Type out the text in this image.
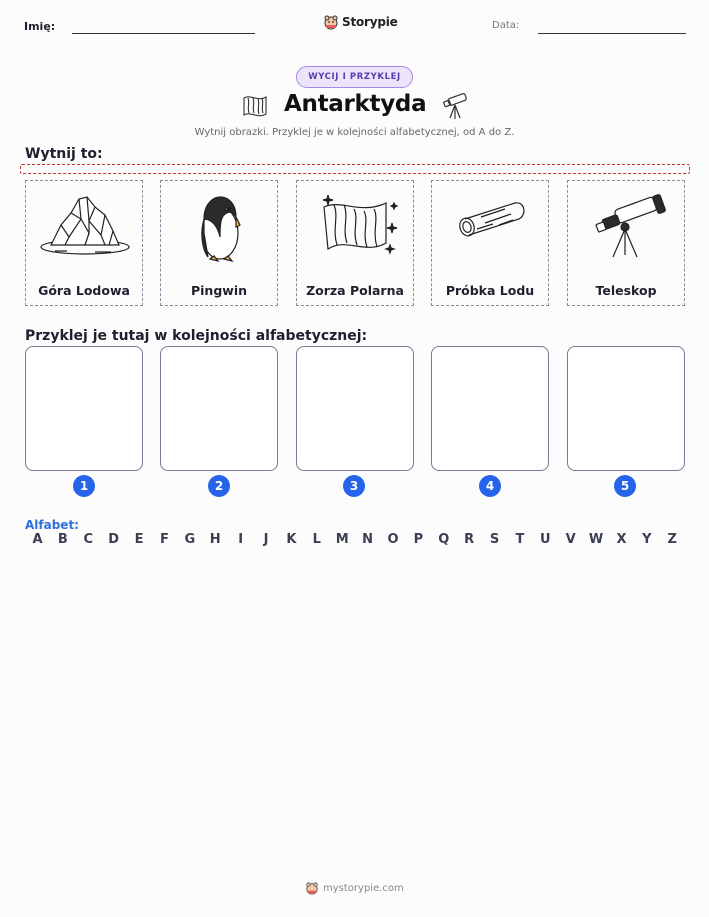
Imię:	Storypie	Data:
WYCIJ I PRZYKLEJ
Antarktyda
Wytnij obrazki. Przyklej je w kolejności alfabetycznej, od A do Z.
Wytnij to:
Góra Lodowa	Pingwin	Zorza Polarna	Próbka Lodu	Teleskop
Przyklej je tutaj w kolejności alfabetycznej:
1	2	3	4	5
Alfabet:
A	B	C	D	E	F	G	H	I	J	K	L	M	N	O	P	Q	R	S	T	U	V	W	X	Y	Z
mystorypie.com
